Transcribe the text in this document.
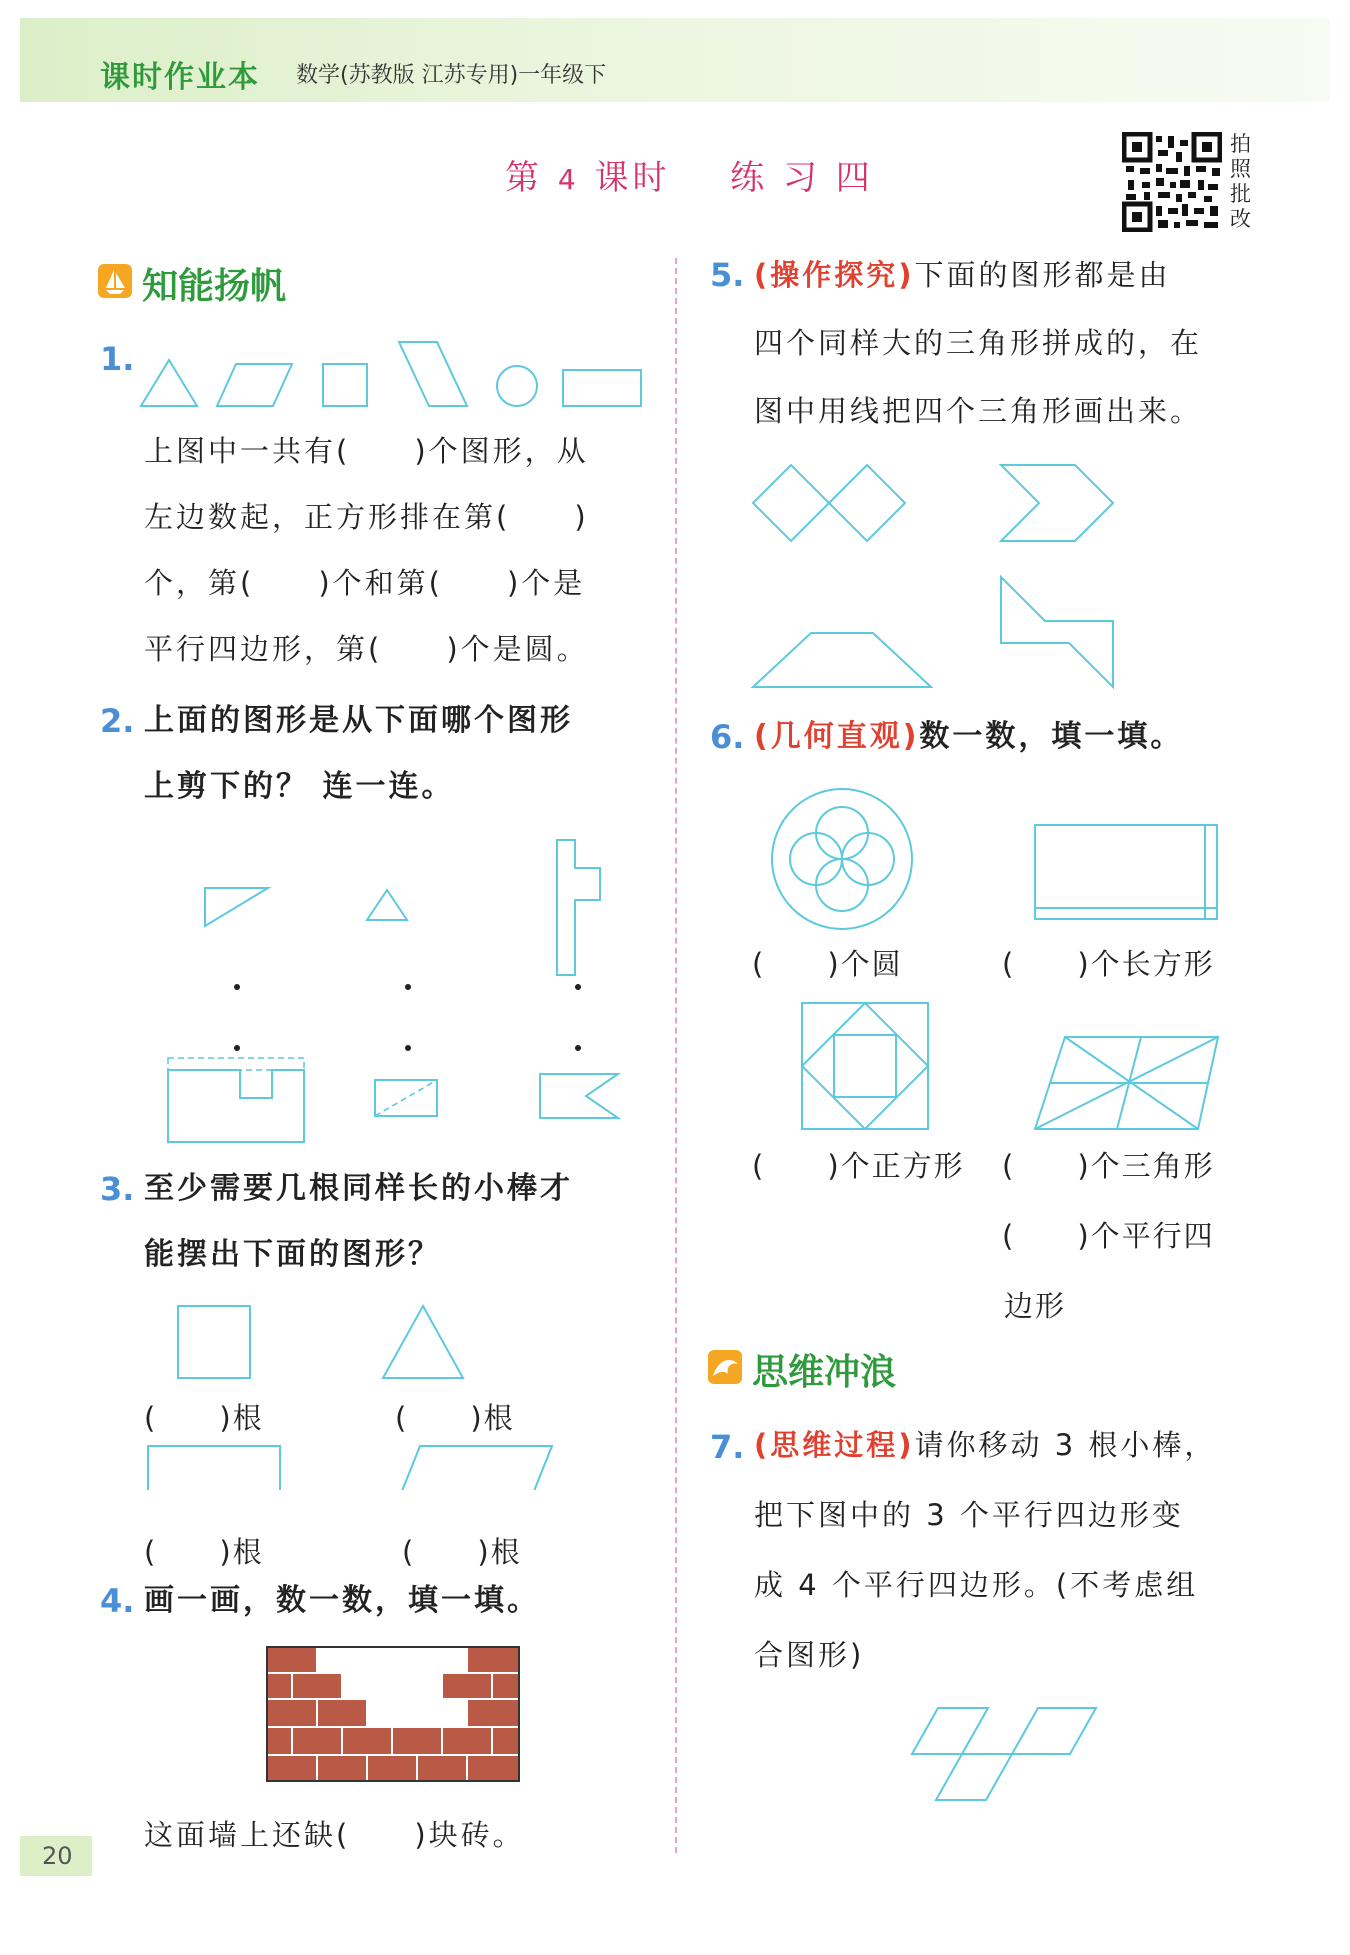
课时作业本 数学(苏教版 江苏专用)一年级下
第 4 课时 练 习 四
拍
照
批
改
知能扬帆
1.
上图中一共有(　　)个图形，从
左边数起，正方形排在第(　　)
个，第(　　)个和第(　　)个是
平行四边形，第(　　)个是圆。
2. 上面的图形是从下面哪个图形
上剪下的？ 连一连。
3. 至少需要几根同样长的小棒才
能摆出下面的图形？
(　　)根	(　　)根
(　　)根	(　　)根
4. 画一画，数一数，填一填。
这面墙上还缺(　　)块砖。
5. (操作探究)下面的图形都是由
四个同样大的三角形拼成的，在
图中用线把四个三角形画出来。
6. (几何直观)数一数，填一填。
(　　)个圆	(　　)个长方形
(　　)个正方形 (　　)个三角形
(　　)个平行四
边形
思维冲浪
7. (思维过程)请你移动 3 根小棒，
把下图中的 3 个平行四边形变
成 4 个平行四边形。(不考虑组
合图形)
20
